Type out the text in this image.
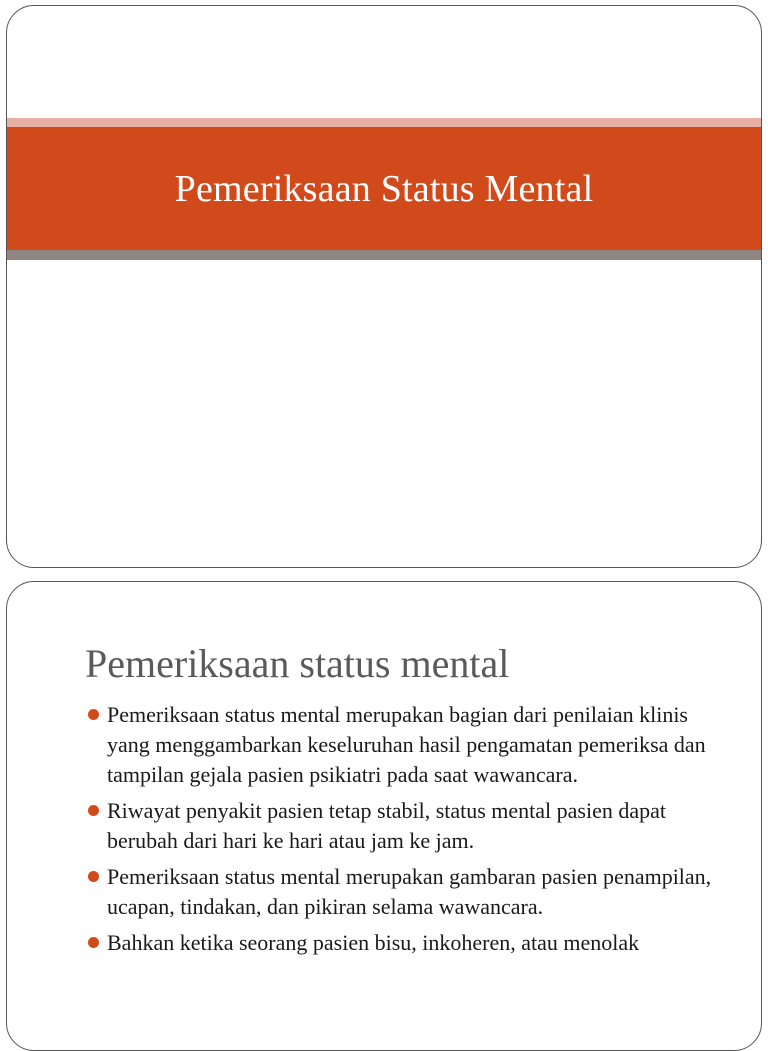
Pemeriksaan Status Mental
Pemeriksaan status mental
Pemeriksaan status mental merupakan bagian dari penilaian klinis yang menggambarkan keseluruhan hasil pengamatan pemeriksa dan tampilan gejala pasien psikiatri pada saat wawancara.
Riwayat penyakit pasien tetap stabil, status mental pasien dapat berubah dari hari ke hari atau jam ke jam.
Pemeriksaan status mental merupakan gambaran pasien penampilan, ucapan, tindakan, dan pikiran selama wawancara.
Bahkan ketika seorang pasien bisu, inkoheren, atau menolak
